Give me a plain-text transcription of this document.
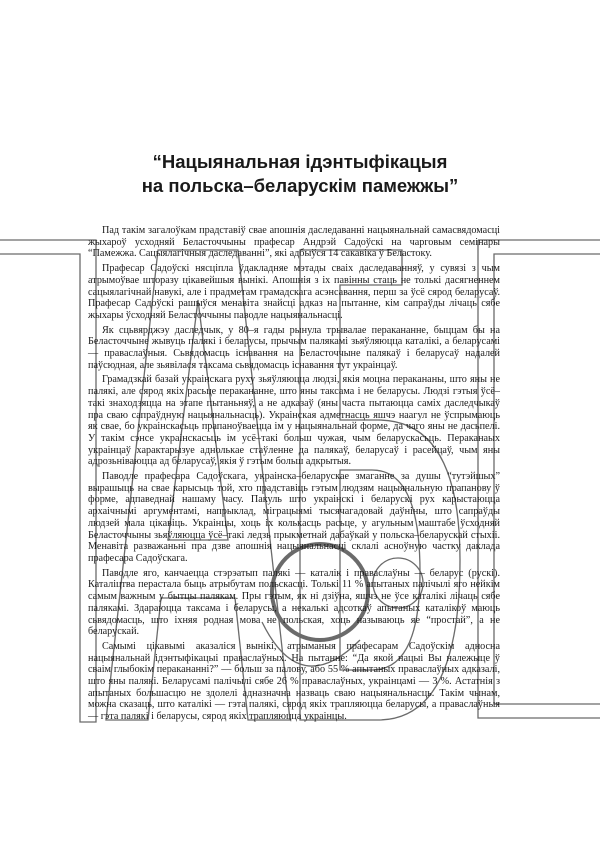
“Нацыянальная ідэнтыфікацыя
на польска–беларускім памежжы”

Пад такім загалоўкам прадставіў свае апошнія даследаванні нацыянальнай самасвядомасці жыхароў усходняй Беласточчыны прафесар Андрэй Садоўскі на чарговым семінары “Памежжа. Сацыялагічныя даследаванні”, які адбыўся 14 сакавіка ў Беластоку.

Прафесар Садоўскі нясціпла ўдакладняе мэтады сваіх даследаванняў, у сувязі з чым атрымоўвае шторазу цікавейшыя вынікі. Апошнія з іх павінны стаць не толькі дасягненнем сацыялагічнай навукі, але і прадметам грамадскага асэнсавання, перш за ўсё сярод беларусаў. Прафесар Садоўскі рашыўся менавіта знайсці адказ на пытанне, кім сапраўды лічаць сябе жыхары ўсходняй Беласточчыны паводле нацыянальнасці.

Як сцьвярджэу даследчык, у 80–я гады рынула трывалае перакананне, быццам бы на Беласточчыне жывуць палякі і беларусы, прычым палякамі зьяўляюцца каталікі, а беларусамі — праваслаўныя. Сьвядомасць існавання на Беласточчыне палякаў і беларусаў надалей паўсюдная, але зьявілася таксама сьвядомасць існавання тут украінцаў.

Грамадзкай базай украінскага руху зьяўляюцца людзі, якія моцна перакананы, што яны не палякі, але сярод якіх расьце перакананне, што яны таксама і не беларусы. Людзі гэтыя ўсё–такі знаходзяцца на этапе пытаньняў, а не адказаў (яны часта пытаюцца саміх даследчыкаў пра сваю сапраўдную нацыянальнасць). Украінская адметнасць яшчэ наагул не ўспрымаюць як свае, бо украінскасьць прапаноўваецца ім у нацыянальнай форме, да чаго яны не дасьпелі. У такім сэнсе украінскасьць ім усё–такі больш чужая, чым беларускасьць. Пераканаых украінцаў характарызуе аднолькае стаўленне да палякаў, беларусаў і расейцаў, чым яны адрозьніваюцца ад беларусаў, якія ў гэтым больш адкрытыя.

Паводле прафесара Садоўскага, украінска–беларускае змаганне за душы “тутэйшых” вырашыць на свае карысьць той, хто прадставіць гэтым людзям нацыянальную прапанову ў форме, адпаведнай нашаму часу. Пакуль што украінскі і беларускі рух карыстаюцца архаічнымі аргументамі, напрыклад, міграцыямі тысячагадовай даўніны, што сапраўды людзей мала цікавіць. Украінцы, хоць іх колькасць расьце, у агульным маштабе ўсходняй Беласточчыны зьяўляюцца ўсё–такі ледзь прыкметнай дабаўкай у польска–беларускай стыхіі. Менавіта разважаньні пра дзве апошнія нацыянальнасці склалі асноўную частку даклада прафесара Садоўскага.

Паводле яго, канчаецца стэрэатып палякі — каталік і праваслаўны — беларус (рускі). Каталіцтва перастала быць атрыбутам польскасці. Толькі 11 % апытаных палічылі яго нейкім самым важным у бытцы палякам. Пры гэтым, як ні дзіўна, яшчэ не ўсе каталікі лічаць сябе палякамі. Здараюцца таксама і беларусы, а некалькі адсоткаў апытаных каталікоў маюць сьвядомасць, што іхняя родная мова не польская, хоць называюць яе “простай”, а не беларускай.

Самымі цікавымі аказаліся вынікі, атрыманыя прафесарам Садоўскім адносна нацыянальнай ідэнтыфікацыі праваслаўных. На пытанне: “Да якой нацыі Вы належыце ў сваім глыбокім перакананні?” — больш за палову, або 55 % апытаных праваслаўных адказалі, што яны палякі. Беларусамі палічылі сябе 26 % праваслаўных, украінцамі — 3 %. Астатнія з апытаных большасцю не здолелі адназначна назваць сваю нацыянальнасць. Такім чынам, можна сказаць, што каталікі — гэта палякі, сярод якіх трапляюцца беларусы, а праваслаўныя — гэта палякі і беларусы, сярод якіх трапляюцца украінцы.
